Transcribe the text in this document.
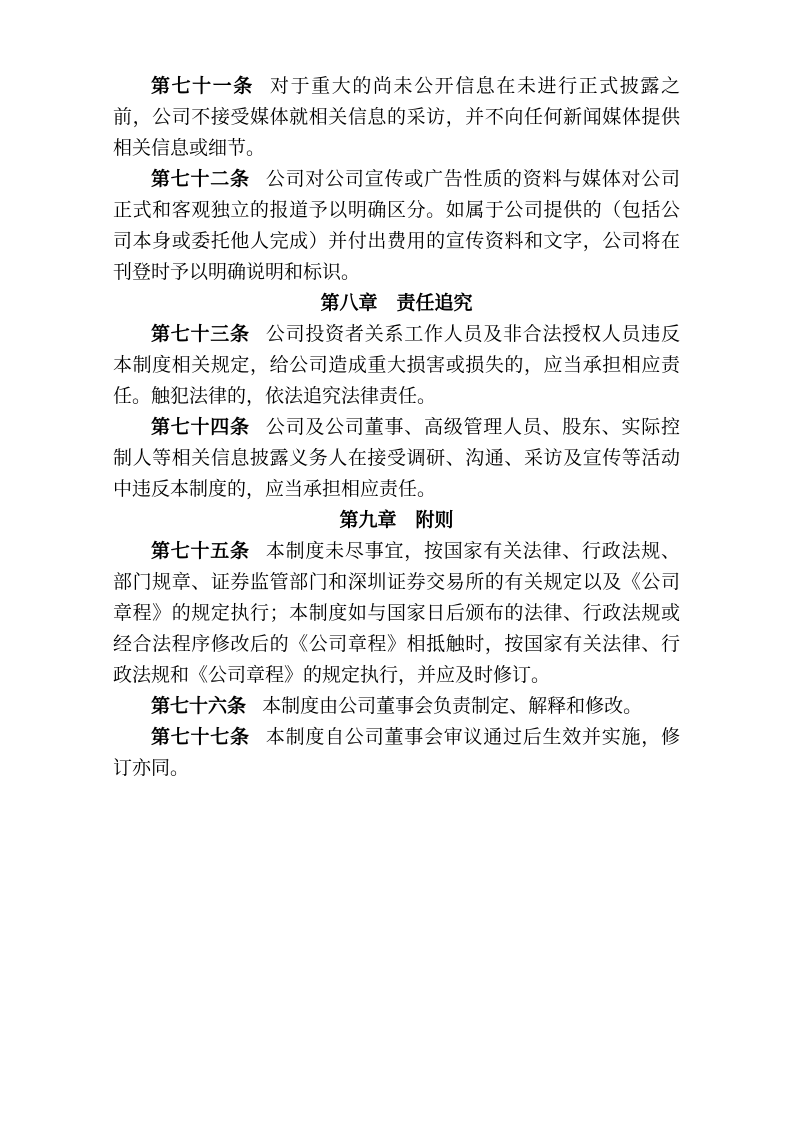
第七十一条 对于重大的尚未公开信息在未进行正式披露之前，公司不接受媒体就相关信息的采访，并不向任何新闻媒体提供相关信息或细节。

第七十二条 公司对公司宣传或广告性质的资料与媒体对公司正式和客观独立的报道予以明确区分。如属于公司提供的（包括公司本身或委托他人完成）并付出费用的宣传资料和文字，公司将在刊登时予以明确说明和标识。

第八章　责任追究

第七十三条 公司投资者关系工作人员及非合法授权人员违反本制度相关规定，给公司造成重大损害或损失的，应当承担相应责任。触犯法律的，依法追究法律责任。

第七十四条 公司及公司董事、高级管理人员、股东、实际控制人等相关信息披露义务人在接受调研、沟通、采访及宣传等活动中违反本制度的，应当承担相应责任。

第九章　附则

第七十五条 本制度未尽事宜，按国家有关法律、行政法规、部门规章、证券监管部门和深圳证券交易所的有关规定以及《公司章程》的规定执行；本制度如与国家日后颁布的法律、行政法规或经合法程序修改后的《公司章程》相抵触时，按国家有关法律、行政法规和《公司章程》的规定执行，并应及时修订。

第七十六条 本制度由公司董事会负责制定、解释和修改。

第七十七条 本制度自公司董事会审议通过后生效并实施，修订亦同。
